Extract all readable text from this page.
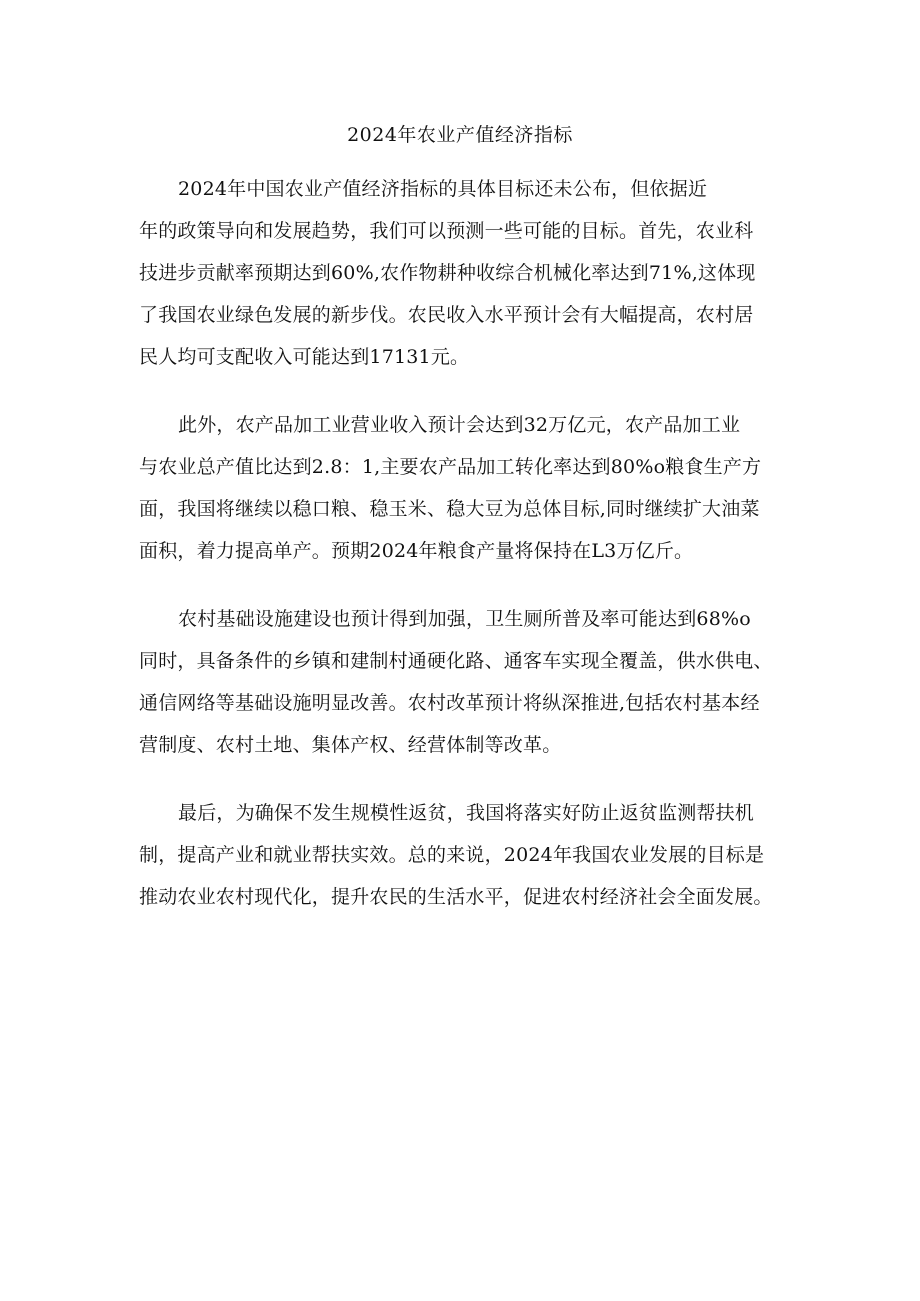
2024年农业产值经济指标
2024年中国农业产值经济指标的具体目标还未公布，但依据近
年的政策导向和发展趋势，我们可以预测一些可能的目标。首先，农业科
技进步贡献率预期达到60%,农作物耕种收综合机械化率达到71%,这体现
了我国农业绿色发展的新步伐。农民收入水平预计会有大幅提高，农村居
民人均可支配收入可能达到17131元。
此外，农产品加工业营业收入预计会达到32万亿元，农产品加工业
与农业总产值比达到2.8：1,主要农产品加工转化率达到80%o粮食生产方
面，我国将继续以稳口粮、稳玉米、稳大豆为总体目标,同时继续扩大油菜
面积，着力提高单产。预期2024年粮食产量将保持在L3万亿斤。
农村基础设施建设也预计得到加强，卫生厕所普及率可能达到68%o
同时，具备条件的乡镇和建制村通硬化路、通客车实现全覆盖，供水供电、
通信网络等基础设施明显改善。农村改革预计将纵深推进,包括农村基本经
营制度、农村土地、集体产权、经营体制等改革。
最后，为确保不发生规模性返贫，我国将落实好防止返贫监测帮扶机
制，提高产业和就业帮扶实效。总的来说，2024年我国农业发展的目标是
推动农业农村现代化，提升农民的生活水平，促进农村经济社会全面发展。
